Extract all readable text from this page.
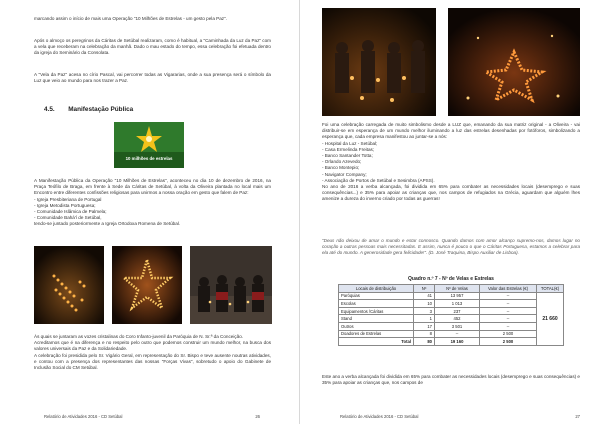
marcando assim o início de mais uma Operação "10 Milhões de Estrelas - um gesto pela Paz".
Após o almoço os peregrinos da Cáritas de Setúbal realizaram, como é habitual, a "Caminhada da Luz da Paz" com a vela que receberam na celebração da manhã. Dado o mau estado do tempo, essa celebração foi efetuada dentro da igreja do Seminário da Consolata.
A "Vela da Paz" acesa no círio Pascal, vai percorrer todas as Vigararias, onde a sua presença será o símbolo da Luz que veio ao mundo para nos trazer a Paz.
4.5. Manifestação Pública
10 milhões de estrelas
A Manifestação Pública da Operação "10 Milhões de Estrelas", aconteceu no dia 10 de dezembro de 2016, na Praça Teófilo de Braga, em frente à Sede da Cáritas de Setúbal, à volta da Oliveira plantada no local mais um Encontro entre diferentes confissões religiosas para unirmos a nossa oração em gesto que falem de Paz:
- Igreja Presbiteriana de Portugal
- Igreja Metodista Portuguesa;
- Comunidade Islâmica de Palmela;
- Comunidade Bahá'í de Setúbal,
tendo-se juntado posteriormente a Igreja Ortodoxa Romena de Setúbal.
Às quais se juntaram as vozes cristalinas do Coro Infanto-juvenil da Paróquia de N. Sr.ª da Conceição.
Acreditamos que é na diferença e no respeito pelo outro que podemos construir um mundo melhor, na busca dos valores universais da Paz e da Solidariedade.
A celebração foi presidida pelo Sr. Vigário Geral, em representação do Sr. Bispo e teve ausente noutras atividades, e contou com a presença dos representantes das nossas "Forças Vivas", sobretudo o apoio do Gabinete de Inclusão Social do CM Setúbal.
Relatório de Atividades 2016 - CD Setúbal	26
Foi uma celebração carregada de muito simbolismo desde a LUZ que, emanando da sua matriz original - a Oliveira - vai distribuir-se em esperança de um mundo melhor iluminando a luz das estrelas desenhadas por fotóforos, simbolizando a esperança que, cada empresa manifestou ao juntar-se a nós:
- Hospital da Luz - Setúbal;
- Casa Ermelinda Freitas;
- Banco Santander Totta;
- Orlando Azevedo;
- Banco Montepio;
- Navigator Company;
- Associação de Portos de Setúbal e Sesimbra (APSS).
No ano de 2016 a verba alcançada, foi dividida em 65% para combater as necessidades locais (desemprego e suas consequências...) e 35% para apoiar as crianças que, nos campos de refugiados na Grécia, aguardam que alguém lhes amenize a dureza do inverno criado por todas as guerras!
"Deus não deixou de amar o mundo e estar connosco. Quando damos com amor alcanço supremo-nos, damos lugar no coração a outras pessoas mais necessitadas. E assim, nunca é pouco o que o Cáritas Portuguesa, estamos a celebrar para ela até do mundo. A generosidade gera felicidade!". (D. José Traquina, Bispo Auxiliar de Lisboa).
Quadro n.º 7 - Nº de Velas e Estrelas
Locais de distribuição	Nº	Nº de Velas	Valor das Estrelas (€)	TOTAL(€)
Paróquias	41	13 957	--	21 660
Escolas	10	1 013	--	
Equipamentos /Cáritas	3	237	--	
Stand	1	452	--	
Outros	17	3 501	--	
Doadores de Estrelas	8	--	2 500	
Total	80	19 160	2 500	
Este ano a verba alcançada foi dividida em 65% para combater as necessidades locais (desemprego e suas consequências) e 35% para apoiar as crianças que, nos campos de
Relatório de Atividades 2016 - CD Setúbal	27
